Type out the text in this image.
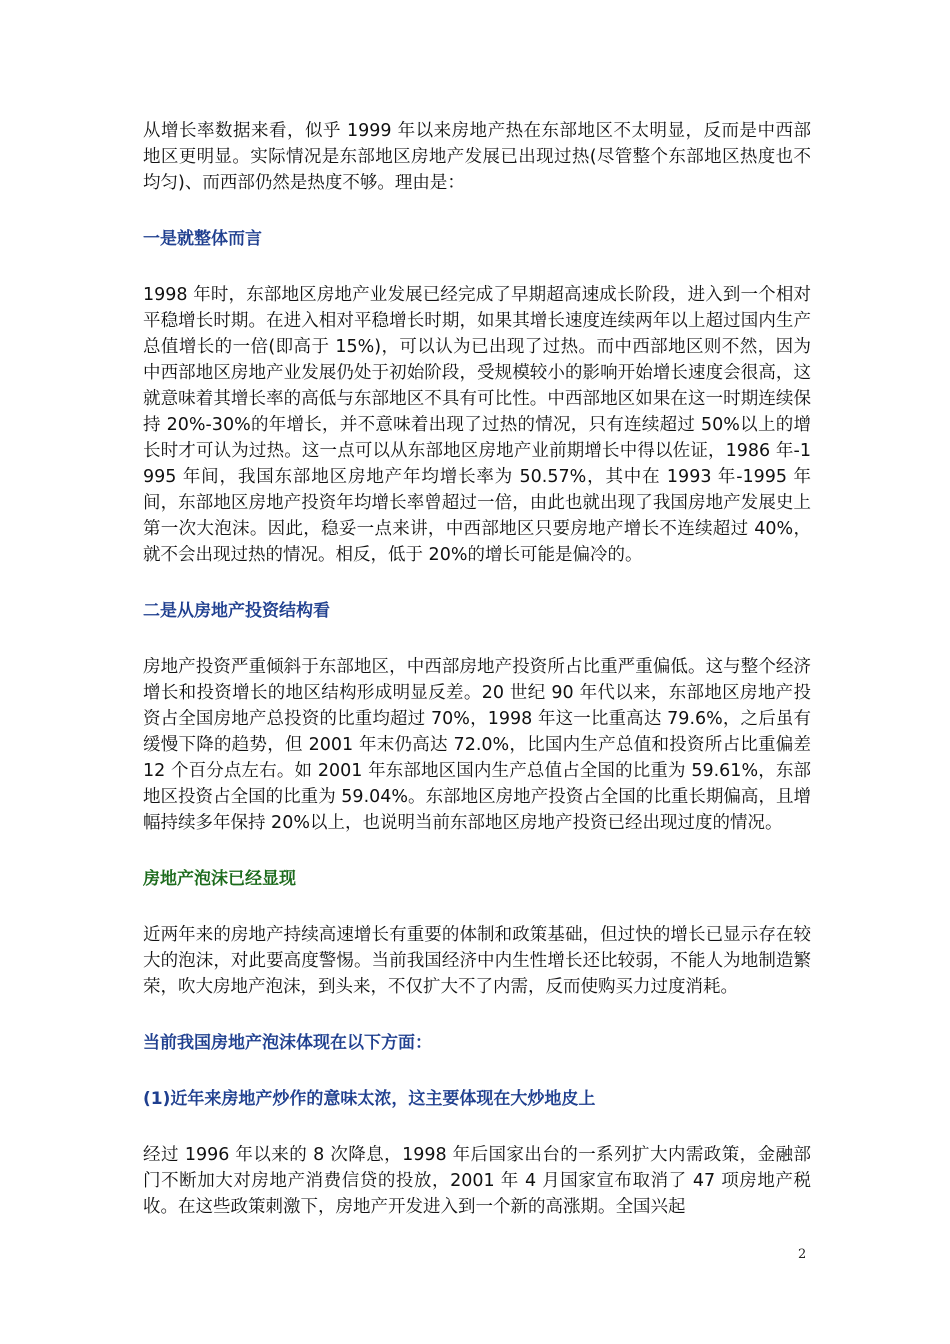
从增长率数据来看，似乎 1999 年以来房地产热在东部地区不太明显，反而是中西部地区更明显。实际情况是东部地区房地产发展已出现过热(尽管整个东部地区热度也不均匀)、而西部仍然是热度不够。理由是：

一是就整体而言

1998 年时，东部地区房地产业发展已经完成了早期超高速成长阶段，进入到一个相对平稳增长时期。在进入相对平稳增长时期，如果其增长速度连续两年以上超过国内生产总值增长的一倍(即高于 15%)，可以认为已出现了过热。而中西部地区则不然，因为中西部地区房地产业发展仍处于初始阶段，受规模较小的影响开始增长速度会很高，这就意味着其增长率的高低与东部地区不具有可比性。中西部地区如果在这一时期连续保持 20%-30%的年增长，并不意味着出现了过热的情况，只有连续超过 50%以上的增长时才可认为过热。这一点可以从东部地区房地产业前期增长中得以佐证，1986 年-1995 年间，我国东部地区房地产年均增长率为 50.57%，其中在 1993 年-1995 年间，东部地区房地产投资年均增长率曾超过一倍，由此也就出现了我国房地产发展史上第一次大泡沫。因此，稳妥一点来讲，中西部地区只要房地产增长不连续超过 40%，就不会出现过热的情况。相反，低于 20%的增长可能是偏冷的。

二是从房地产投资结构看

房地产投资严重倾斜于东部地区，中西部房地产投资所占比重严重偏低。这与整个经济增长和投资增长的地区结构形成明显反差。20 世纪 90 年代以来，东部地区房地产投资占全国房地产总投资的比重均超过 70%，1998 年这一比重高达 79.6%，之后虽有缓慢下降的趋势，但 2001 年末仍高达 72.0%，比国内生产总值和投资所占比重偏差 12 个百分点左右。如 2001 年东部地区国内生产总值占全国的比重为 59.61%，东部地区投资占全国的比重为 59.04%。东部地区房地产投资占全国的比重长期偏高，且增幅持续多年保持 20%以上，也说明当前东部地区房地产投资已经出现过度的情况。

房地产泡沫已经显现

近两年来的房地产持续高速增长有重要的体制和政策基础，但过快的增长已显示存在较大的泡沫，对此要高度警惕。当前我国经济中内生性增长还比较弱，不能人为地制造繁荣，吹大房地产泡沫，到头来，不仅扩大不了内需，反而使购买力过度消耗。

当前我国房地产泡沫体现在以下方面：
(1)近年来房地产炒作的意味太浓，这主要体现在大炒地皮上

经过 1996 年以来的 8 次降息，1998 年后国家出台的一系列扩大内需政策，金融部门不断加大对房地产消费信贷的投放，2001 年 4 月国家宣布取消了 47 项房地产税收。在这些政策刺激下，房地产开发进入到一个新的高涨期。全国兴起

2
